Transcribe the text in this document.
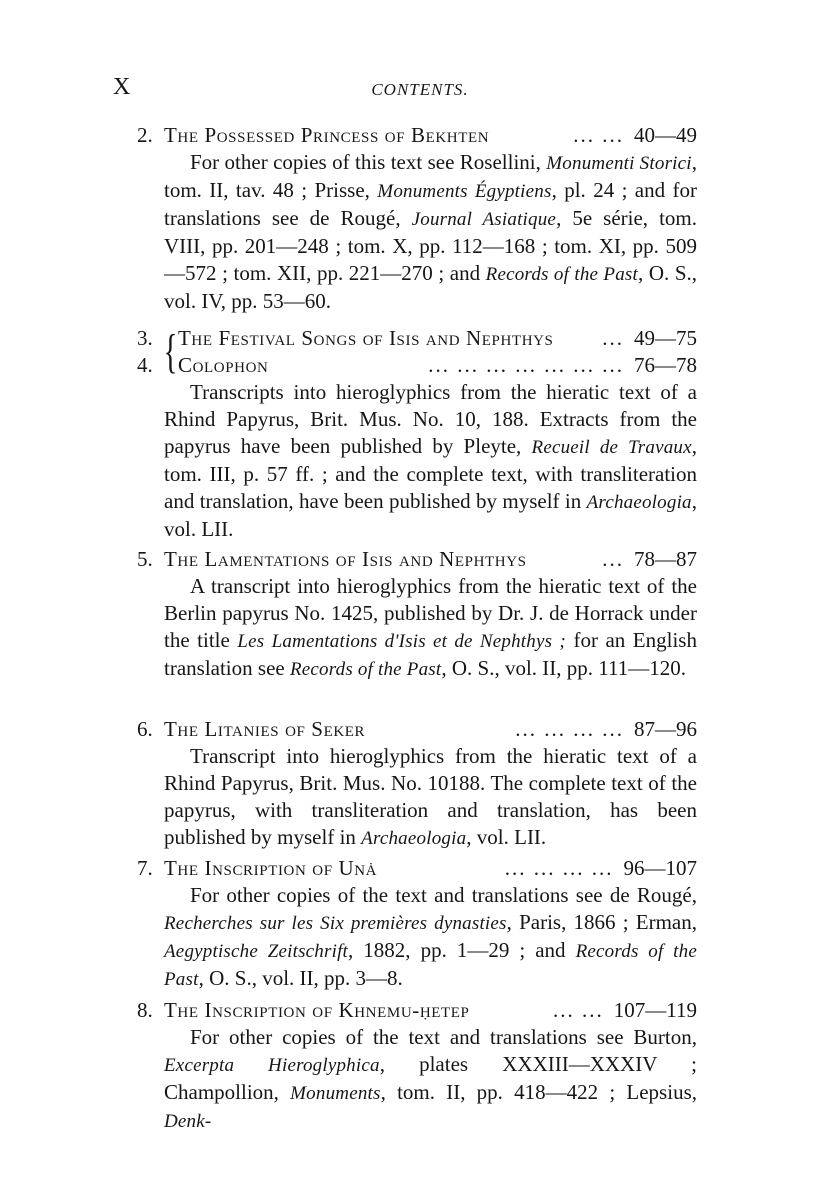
X	CONTENTS.
2. The Possessed Princess of Bekhten	... ... 40—49
For other copies of this text see Rosellini, Monumenti Storici, tom. II, tav. 48 ; Prisse, Monuments Égyptiens, pl. 24 ; and for translations see de Rougé, Journal Asiatique, 5e série, tom. VIII, pp. 201—248 ; tom. X, pp. 112—168 ; tom. XI, pp. 509—572 ; tom. XII, pp. 221—270 ; and Records of the Past, O. S., vol. IV, pp. 53—60.
{
3.	The Festival Songs of Isis and Nephthys	... 49—75
4.	Colophon	... ... ... ... ... ... ... 76—78
Transcripts into hieroglyphics from the hieratic text of a Rhind Papyrus, Brit. Mus. No. 10, 188. Extracts from the papyrus have been published by Pleyte, Recueil de Travaux, tom. III, p. 57 ff. ; and the complete text, with transliteration and translation, have been published by myself in Archaeologia, vol. LII.
5. The Lamentations of Isis and Nephthys	... 78—87
A transcript into hieroglyphics from the hieratic text of the Berlin papyrus No. 1425, published by Dr. J. de Horrack under the title Les Lamentations d'Isis et de Nephthys ; for an English translation see Records of the Past, O. S., vol. II, pp. 111—120.
6. The Litanies of Seker	... ... ... ... 87—96
Transcript into hieroglyphics from the hieratic text of a Rhind Papyrus, Brit. Mus. No. 10188. The complete text of the papyrus, with transliteration and translation, has been published by myself in Archaeologia, vol. LII.
7. The Inscription of Unȧ	... ... ... ... 96—107
For other copies of the text and translations see de Rougé, Recherches sur les Six premières dynasties, Paris, 1866 ; Erman, Aegyptische Zeitschrift, 1882, pp. 1—29 ; and Records of the Past, O. S., vol. II, pp. 3—8.
8. The Inscription of Khnemu-ḥetep	... ... 107—119
For other copies of the text and translations see Burton, Excerpta Hieroglyphica, plates XXXIII—XXXIV ; Champollion, Monuments, tom. II, pp. 418—422 ; Lepsius, Denk-
